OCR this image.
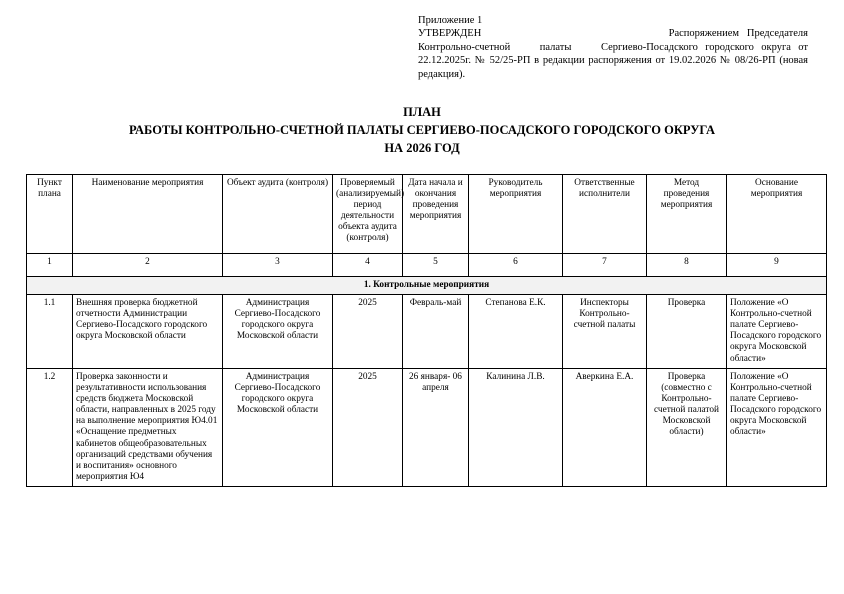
Приложение 1
УТВЕРЖДЕН	Распоряжением   Председателя
Контрольно-счетной    палаты    Сергиево-Посадского городского округа от 22.12.2025г. № 52/25-РП в редакции распоряжения от 19.02.2026 № 08/26-РП (новая редакция).
ПЛАН
РАБОТЫ КОНТРОЛЬНО-СЧЕТНОЙ ПАЛАТЫ СЕРГИЕВО-ПОСАДСКОГО ГОРОДСКОГО ОКРУГА
НА 2026 ГОД
Пункт плана	Наименование мероприятия	Объект аудита (контроля)	Проверяемый (анализируемый) период деятельности объекта аудита (контроля)	Дата начала и окончания проведения мероприятия	Руководитель мероприятия	Ответственные исполнители	Метод проведения мероприятия	Основание мероприятия
1	2	3	4	5	6	7	8	9
1. Контрольные мероприятия								
1.1	Внешняя проверка бюджетной отчетности Администрации Сергиево-Посадского городского округа Московской области	Администрация Сергиево-Посадского городского округа Московской области	2025	Февраль-май	Степанова Е.К.	Инспекторы Контрольно-счетной палаты	Проверка	Положение «О Контрольно-счетной палате Сергиево-Посадского городского округа Московской области»
1.2	Проверка законности и результативности использования средств бюджета Московской области, направленных в 2025 году на выполнение мероприятия Ю4.01 «Оснащение предметных кабинетов общеобразовательных организаций средствами обучения и воспитания» основного мероприятия Ю4	Администрация Сергиево-Посадского городского округа Московской области	2025	26 января- 06 апреля	Калинина Л.В.	Аверкина Е.А.	Проверка (совместно с Контрольно-счетной палатой Московской области)	Положение «О Контрольно-счетной палате Сергиево-Посадского городского округа Московской области»
